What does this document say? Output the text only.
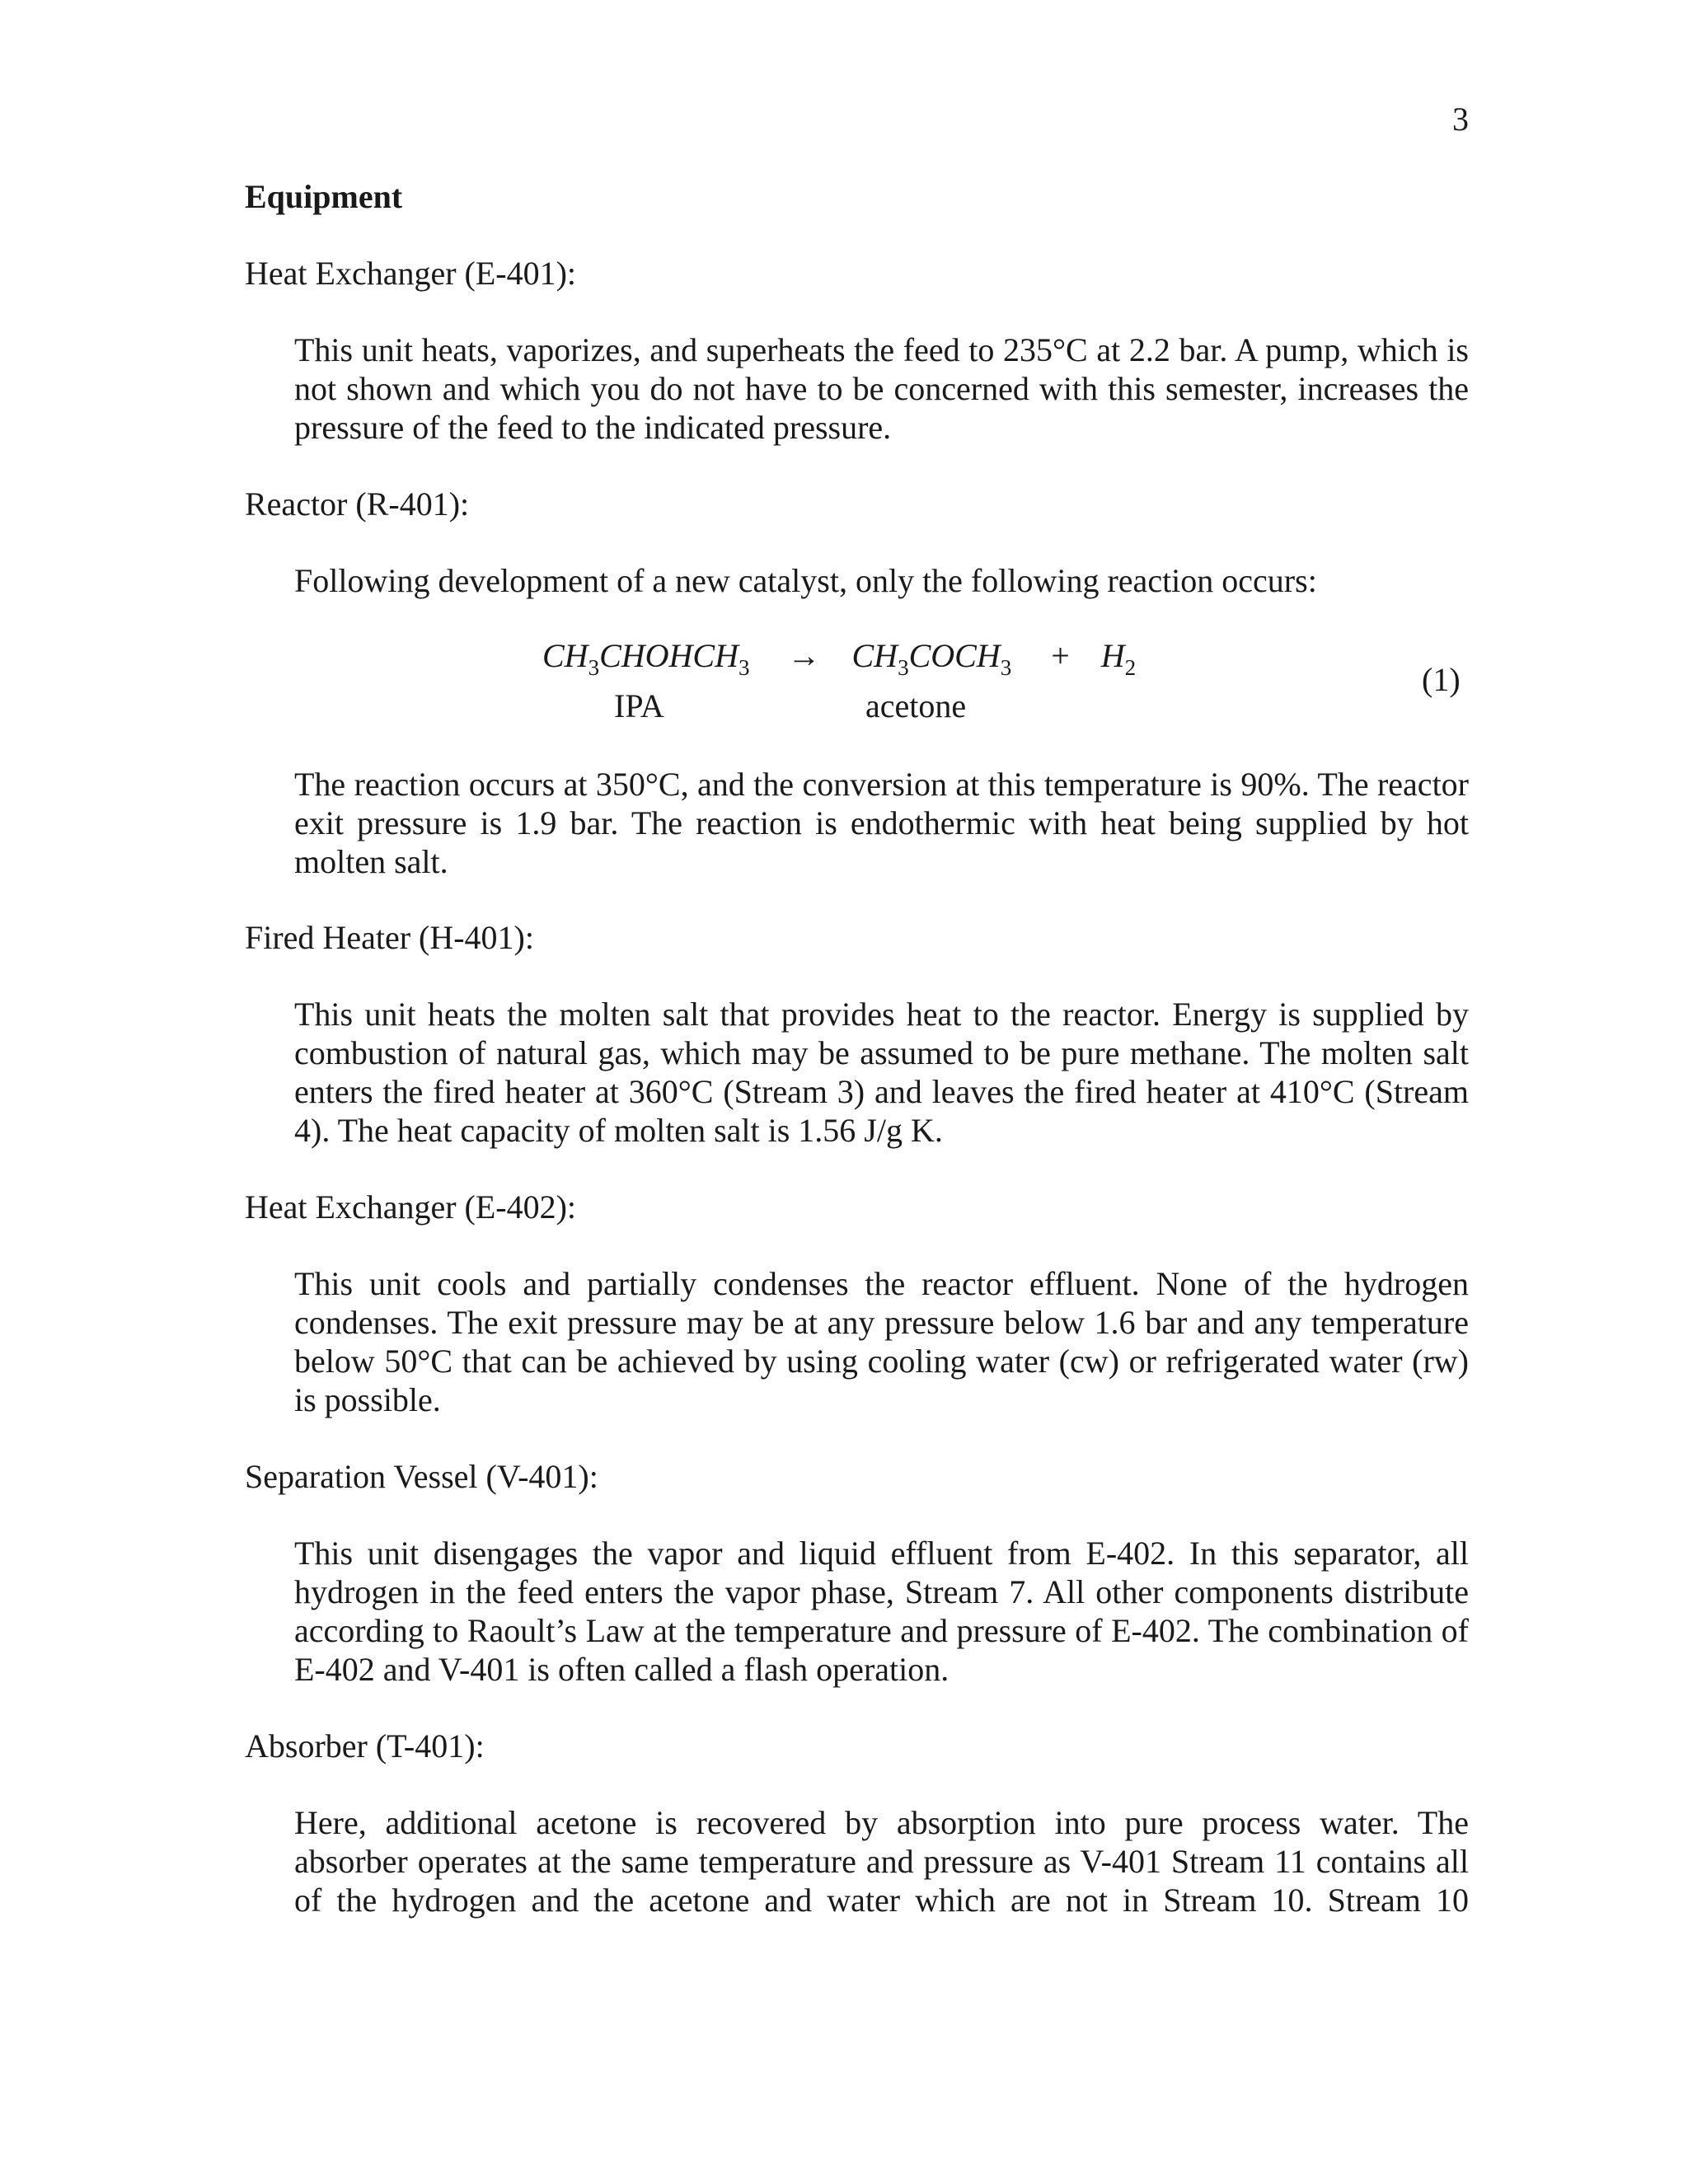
3
Equipment
Heat Exchanger (E-401):
This unit heats, vaporizes, and superheats the feed to 235°C at 2.2 bar. A pump, which is not shown and which you do not have to be concerned with this semester, increases the pressure of the feed to the indicated pressure.
Reactor (R-401):
Following development of a new catalyst, only the following reaction occurs:
$CH_3CHOHCH_3$ → $CH_3COCH_3 + H_2$	(1)
IPA	acetone
The reaction occurs at 350°C, and the conversion at this temperature is 90%. The reactor exit pressure is 1.9 bar. The reaction is endothermic with heat being supplied by hot molten salt.
Fired Heater (H-401):
This unit heats the molten salt that provides heat to the reactor. Energy is supplied by combustion of natural gas, which may be assumed to be pure methane. The molten salt enters the fired heater at 360°C (Stream 3) and leaves the fired heater at 410°C (Stream 4). The heat capacity of molten salt is 1.56 J/g K.
Heat Exchanger (E-402):
This unit cools and partially condenses the reactor effluent. None of the hydrogen condenses. The exit pressure may be at any pressure below 1.6 bar and any temperature below 50°C that can be achieved by using cooling water (cw) or refrigerated water (rw) is possible.
Separation Vessel (V-401):
This unit disengages the vapor and liquid effluent from E-402. In this separator, all hydrogen in the feed enters the vapor phase, Stream 7. All other components distribute according to Raoult’s Law at the temperature and pressure of E-402. The combination of E-402 and V-401 is often called a flash operation.
Absorber (T-401):
Here, additional acetone is recovered by absorption into pure process water. The absorber operates at the same temperature and pressure as V-401 Stream 11 contains all of the hydrogen and the acetone and water which are not in Stream 10. Stream 10
